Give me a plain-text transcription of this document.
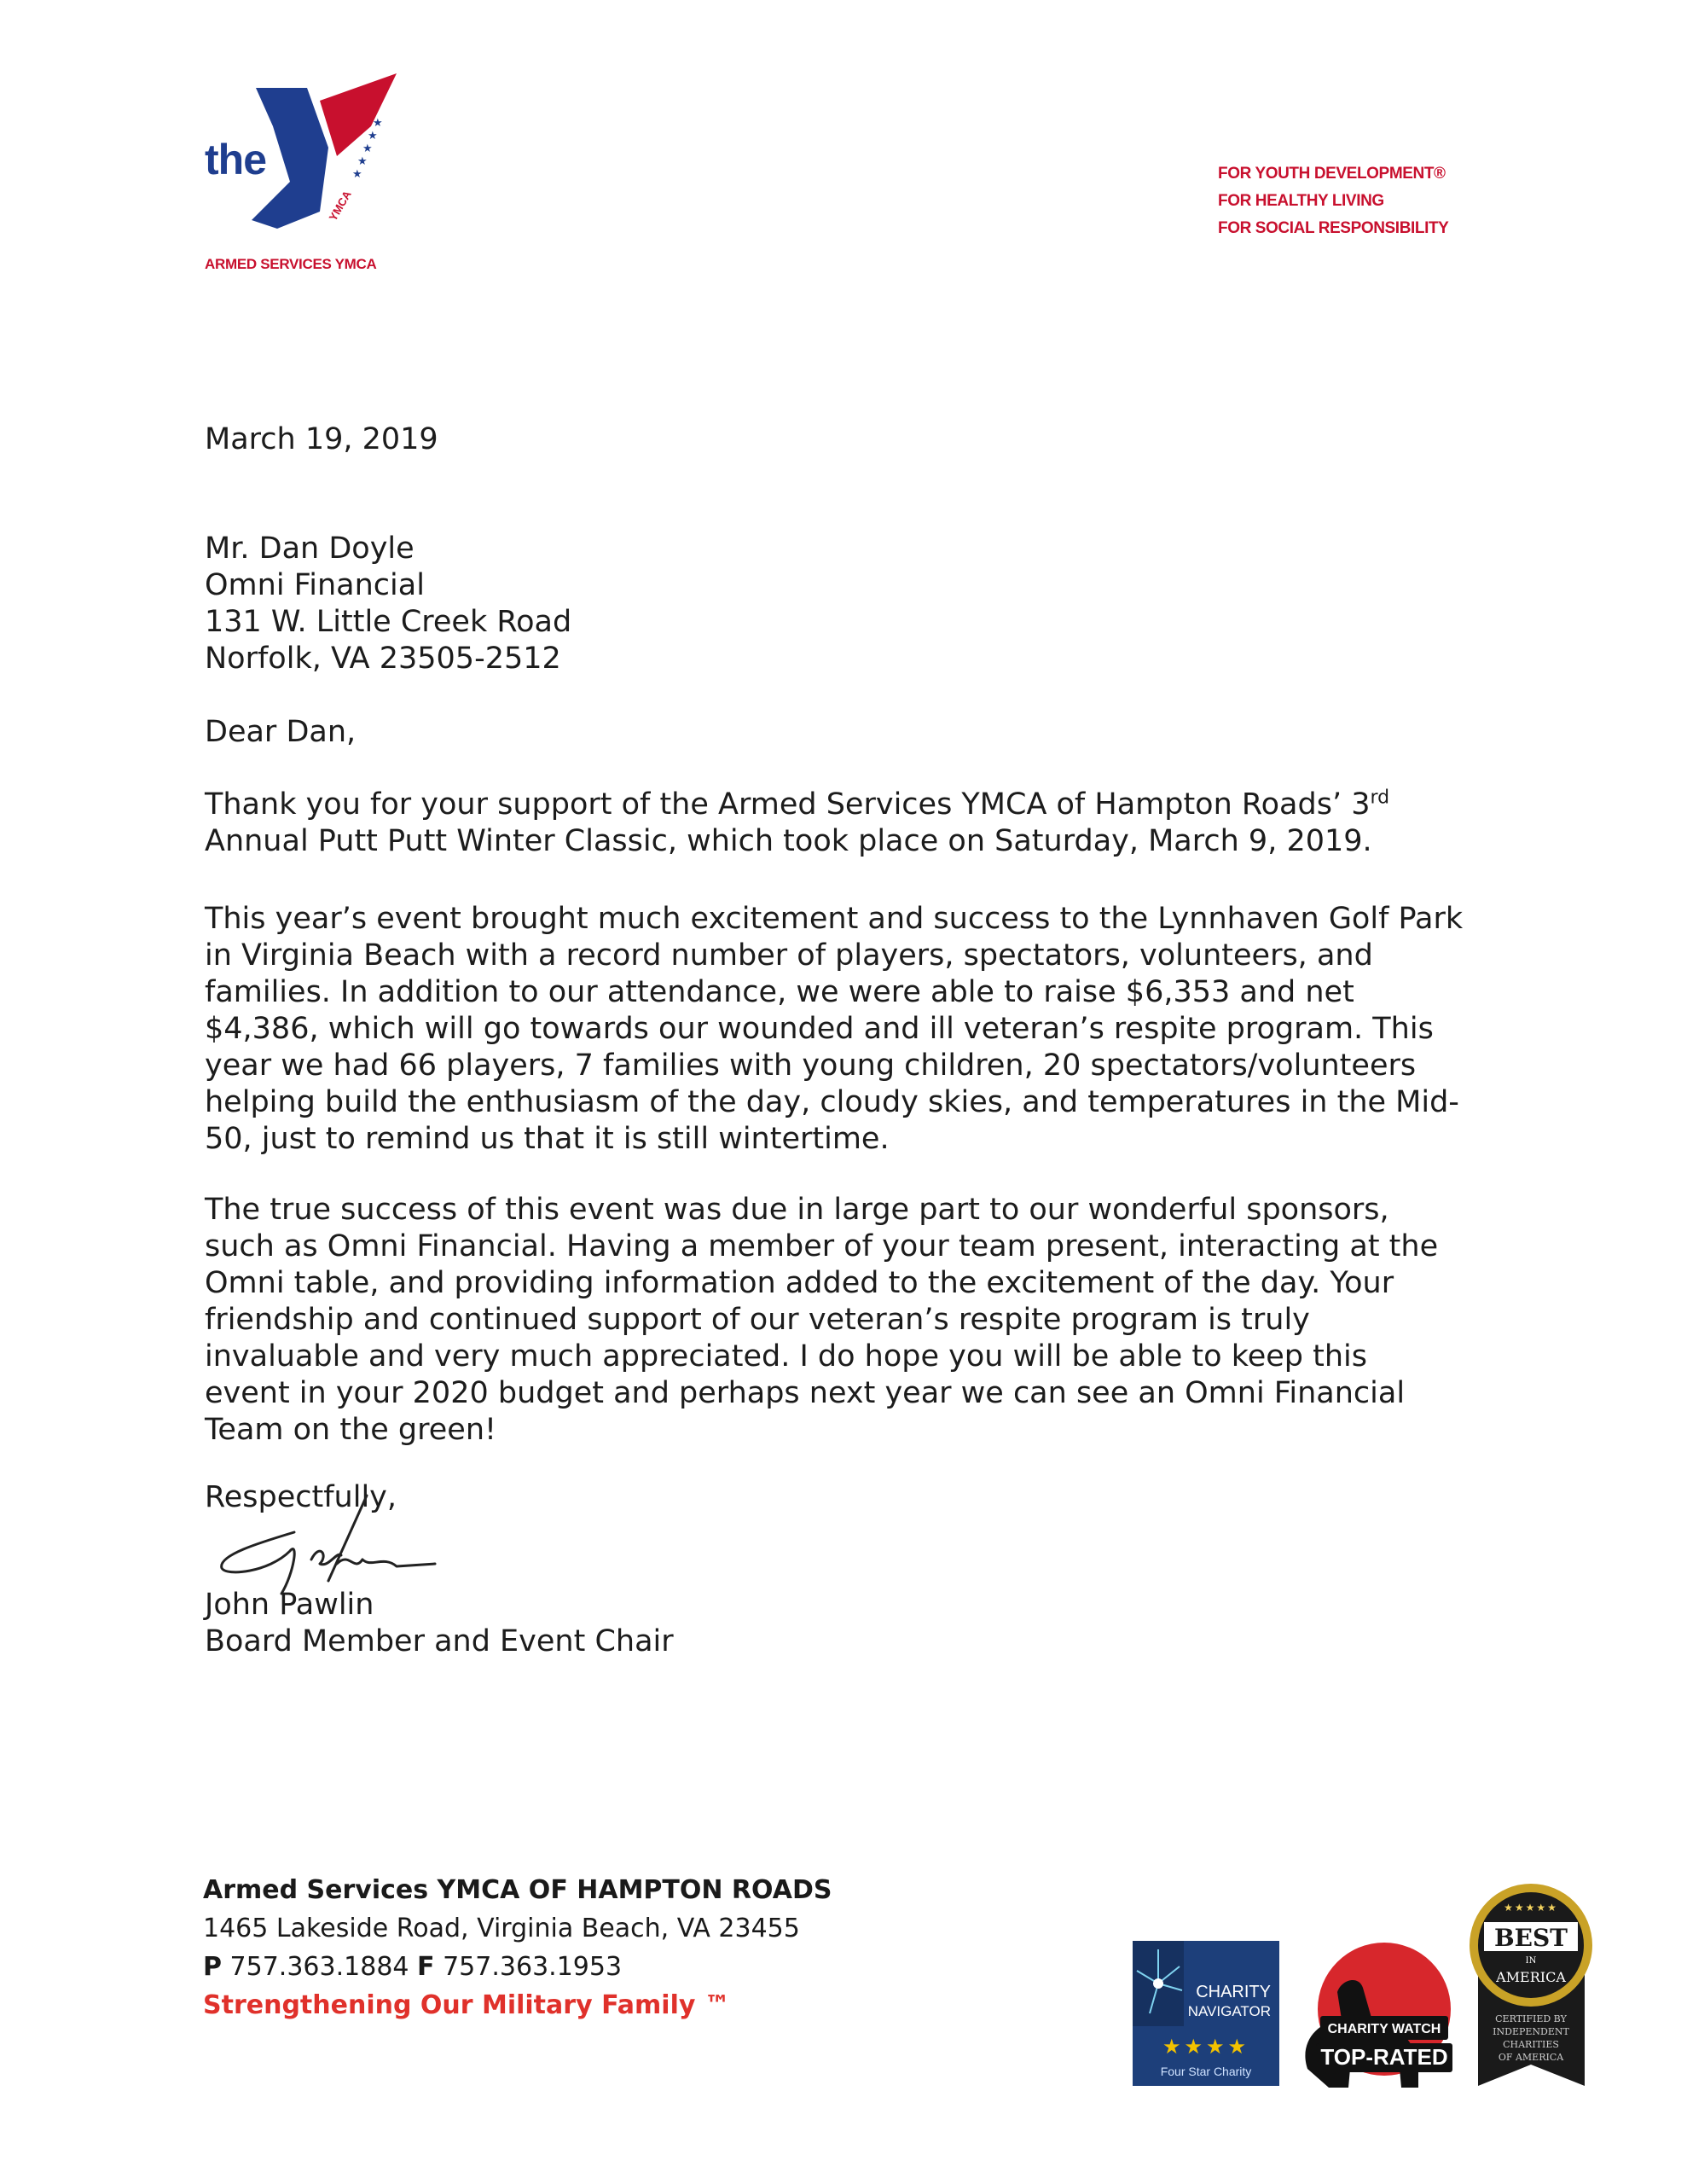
★
★
★
★
★
YMCA
the
ARMED SERVICES YMCA
FOR YOUTH DEVELOPMENT®
FOR HEALTHY LIVING
FOR SOCIAL RESPONSIBILITY
March 19, 2019
Mr. Dan Doyle
Omni Financial
131 W. Little Creek Road
Norfolk, VA 23505-2512
Dear Dan,
Thank you for your support of the Armed Services YMCA of Hampton Roads’ 3rd
Annual Putt Putt Winter Classic, which took place on Saturday, March 9, 2019.
This year’s event brought much excitement and success to the Lynnhaven Golf Park
in Virginia Beach with a record number of players, spectators, volunteers, and
families. In addition to our attendance, we were able to raise $6,353 and net
$4,386, which will go towards our wounded and ill veteran’s respite program. This
year we had 66 players, 7 families with young children, 20 spectators/volunteers
helping build the enthusiasm of the day, cloudy skies, and temperatures in the Mid-
50, just to remind us that it is still wintertime.
The true success of this event was due in large part to our wonderful sponsors,
such as Omni Financial. Having a member of your team present, interacting at the
Omni table, and providing information added to the excitement of the day. Your
friendship and continued support of our veteran’s respite program is truly
invaluable and very much appreciated. I do hope you will be able to keep this
event in your 2020 budget and perhaps next year we can see an Omni Financial
Team on the green!
Respectfully,
John Pawlin
Board Member and Event Chair
Armed Services YMCA OF HAMPTON ROADS
1465 Lakeside Road, Virginia Beach, VA 23455
P 757.363.1884 F 757.363.1953
Strengthening Our Military Family ™	CHARITY
NAVIGATOR
★★★★
Four Star Charity
CHARITY WATCH
TOP-RATED
★★★★★
BEST
IN
AMERICA
CERTIFIED BY
INDEPENDENT
CHARITIES
OF AMERICA
